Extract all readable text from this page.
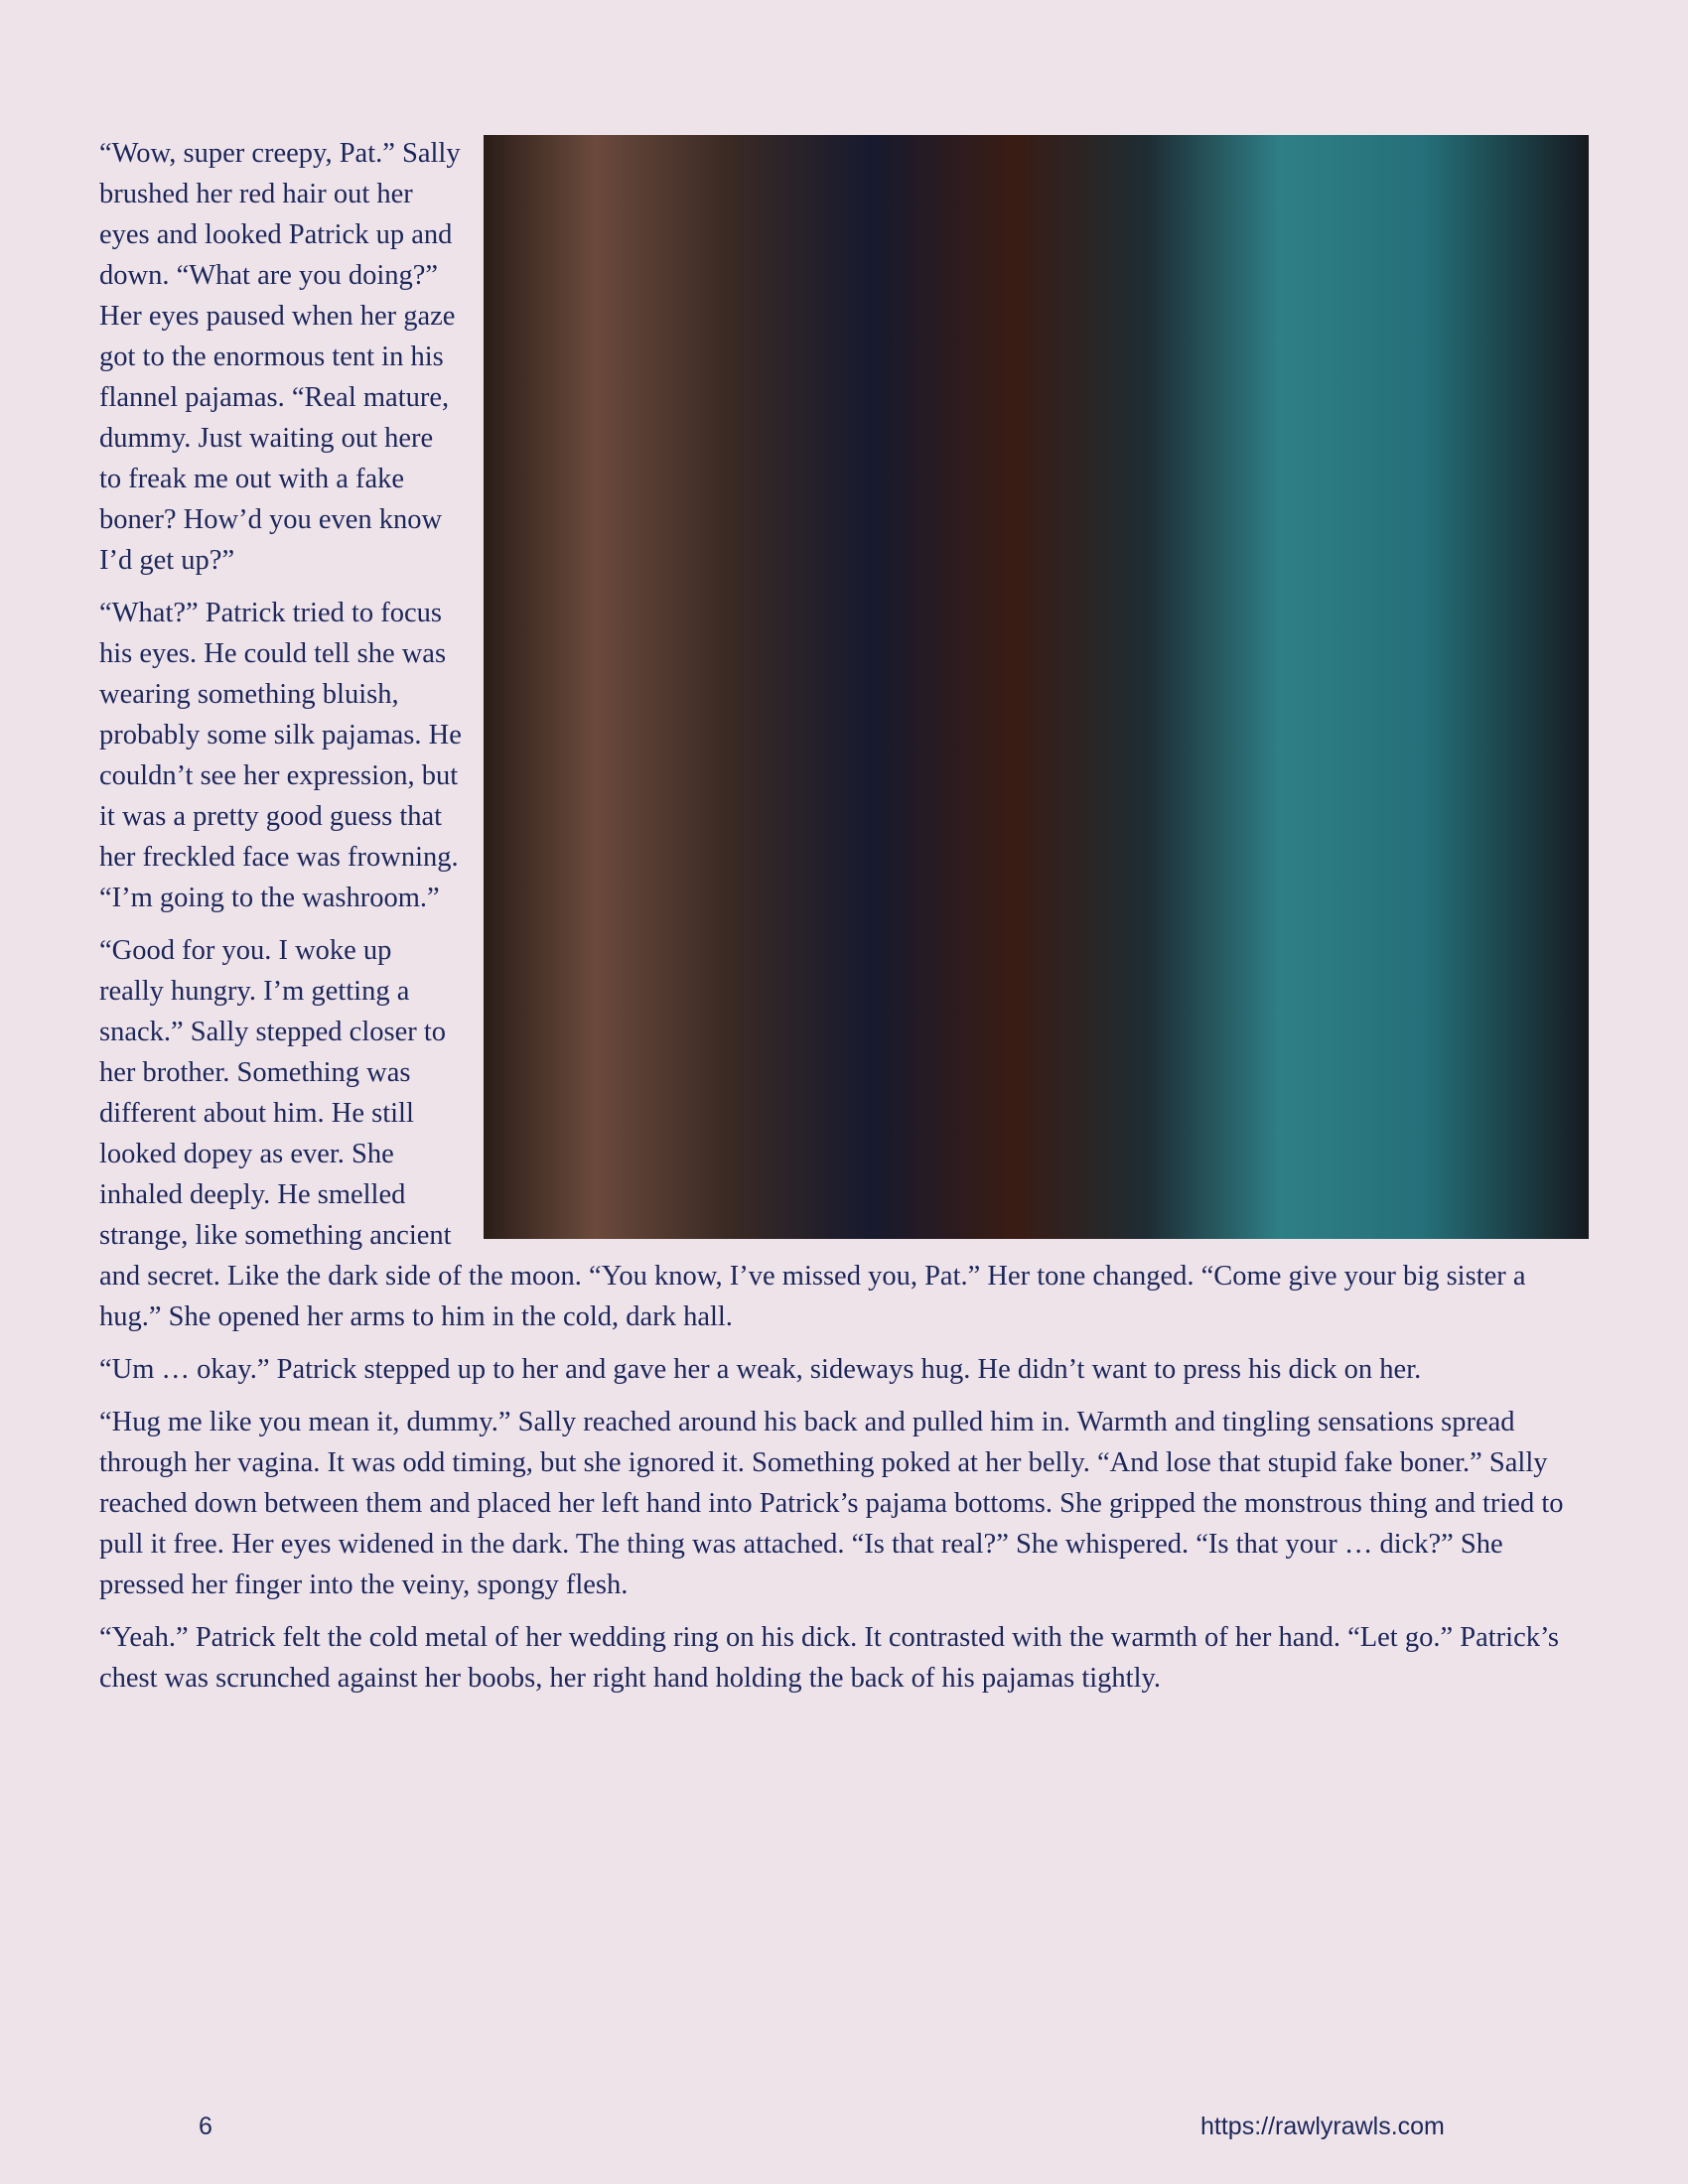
“Wow, super creepy, Pat.” Sally brushed her red hair out her eyes and looked Patrick up and down. “What are you doing?” Her eyes paused when her gaze got to the enormous tent in his flannel pajamas. “Real mature, dummy. Just waiting out here to freak me out with a fake boner? How’d you even know I’d get up?”

“What?” Patrick tried to focus his eyes. He could tell she was wearing something bluish, probably some silk pajamas. He couldn’t see her expression, but it was a pretty good guess that her freckled face was frowning. “I’m going to the washroom.”

“Good for you. I woke up really hungry. I’m getting a snack.” Sally stepped closer to her brother. Something was different about him. He still looked dopey as ever. She inhaled deeply. He smelled strange, like something ancient and secret. Like the dark side of the moon. “You know, I’ve missed you, Pat.” Her tone changed. “Come give your big sister a hug.” She opened her arms to him in the cold, dark hall.

“Um … okay.” Patrick stepped up to her and gave her a weak, sideways hug. He didn’t want to press his dick on her.

“Hug me like you mean it, dummy.” Sally reached around his back and pulled him in. Warmth and tingling sensations spread through her vagina. It was odd timing, but she ignored it. Something poked at her belly. “And lose that stupid fake boner.” Sally reached down between them and placed her left hand into Patrick’s pajama bottoms. She gripped the monstrous thing and tried to pull it free. Her eyes widened in the dark. The thing was attached. “Is that real?” She whispered. “Is that your … dick?” She pressed her finger into the veiny, spongy flesh.

“Yeah.” Patrick felt the cold metal of her wedding ring on his dick. It contrasted with the warmth of her hand. “Let go.” Patrick’s chest was scrunched against her boobs, her right hand holding the back of his pajamas tightly.

6	https://rawlyrawls.com
